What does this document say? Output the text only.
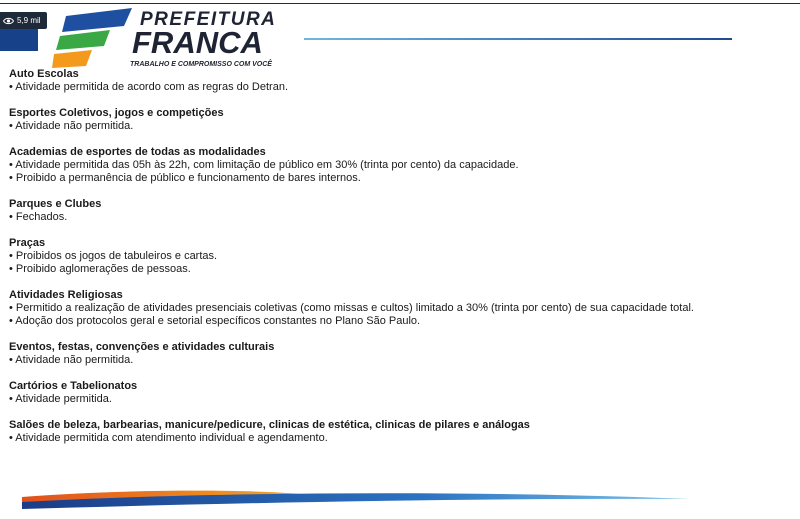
5,9 mil	PREFEITURA
FRANCA
TRABALHO E COMPROMISSO COM VOCÊ
Auto Escolas

• Atividade permitida de acordo com as regras do Detran.

Esportes Coletivos, jogos e competições

• Atividade não permitida.

Academias de esportes de todas as modalidades

• Atividade permitida das 05h às 22h, com limitação de público em 30% (trinta por cento) da capacidade.

• Proibido a permanência de público e funcionamento de bares internos.

Parques e Clubes

• Fechados.

Praças

• Proibidos os jogos de tabuleiros e cartas.

• Proibido aglomerações de pessoas.

Atividades Religiosas

• Permitido a realização de atividades presenciais coletivas (como missas e cultos) limitado a 30% (trinta por cento) de sua capacidade total.

• Adoção dos protocolos geral e setorial específicos constantes no Plano São Paulo.

Eventos, festas, convenções e atividades culturais

• Atividade não permitida.

Cartórios e Tabelionatos

• Atividade permitida.

Salões de beleza, barbearias, manicure/pedicure, clinicas de estética, clinicas de pilares e análogas

• Atividade permitida com atendimento individual e agendamento.
